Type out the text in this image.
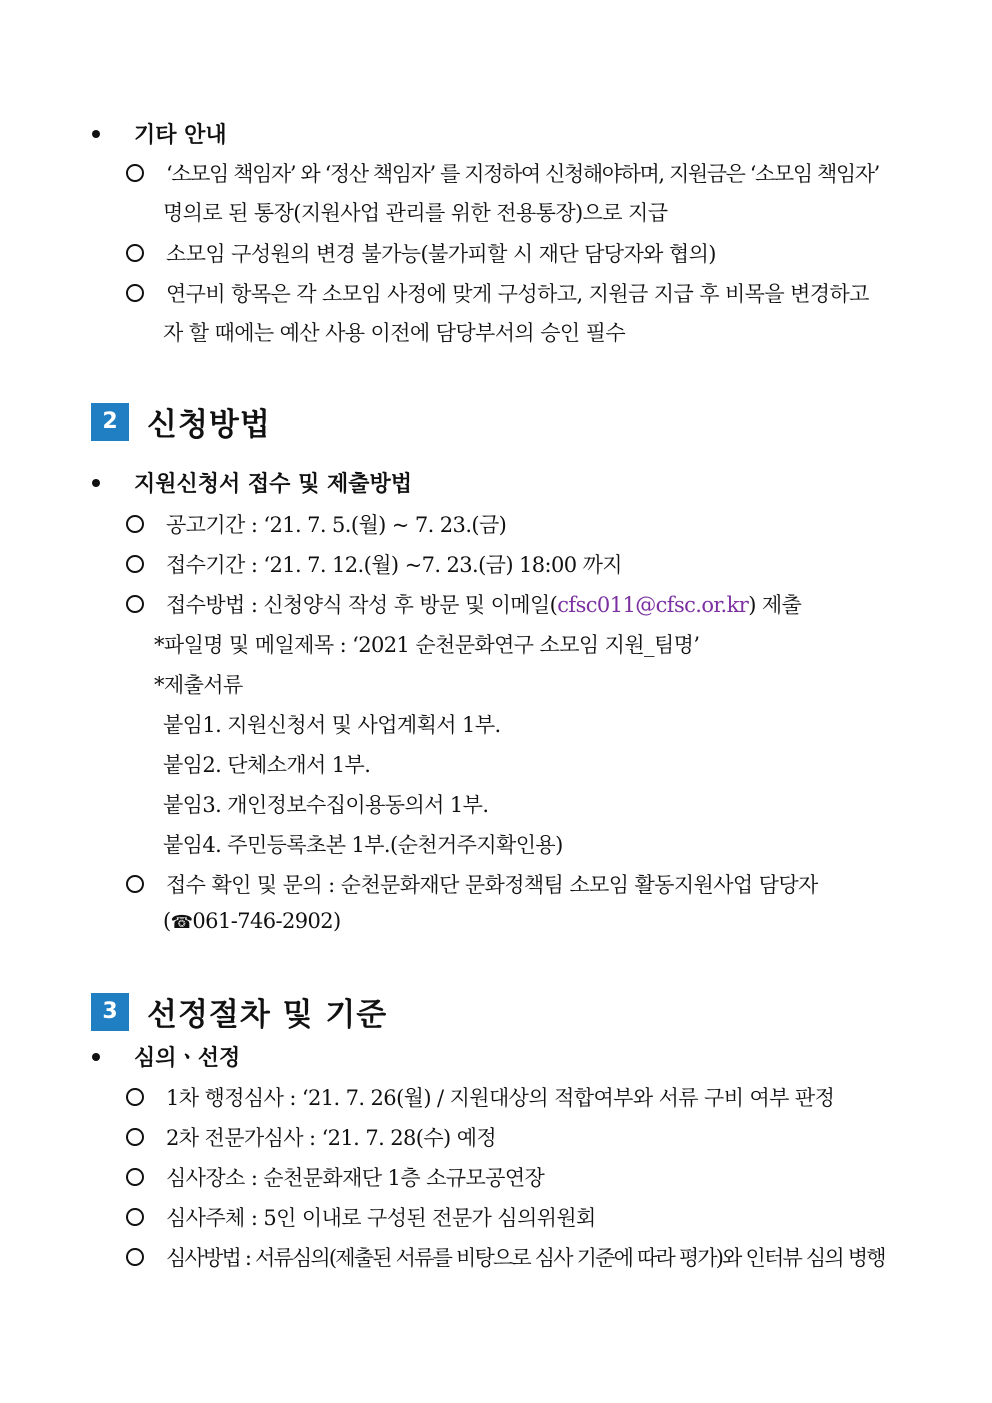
기타 안내
‘소모임 책임자’ 와 ‘정산 책임자’ 를 지정하여 신청해야하며, 지원금은 ‘소모임 책임자’
명의로 된 통장(지원사업 관리를 위한 전용통장)으로 지급
소모임 구성원의 변경 불가능(불가피할 시 재단 담당자와 협의)
연구비 항목은 각 소모임 사정에 맞게 구성하고, 지원금 지급 후 비목을 변경하고
자 할 때에는 예산 사용 이전에 담당부서의 승인 필수
2 신청방법
지원신청서 접수 및 제출방법
공고기간 : ‘21. 7. 5.(월) ~ 7. 23.(금)
접수기간 : ‘21. 7. 12.(월) ~7. 23.(금) 18:00 까지
접수방법 : 신청양식 작성 후 방문 및 이메일( cfsc011@cfsc.or.kr ) 제출
*파일명 및 메일제목 : ‘2021 순천문화연구 소모임 지원_팀명’
*제출서류
붙임1. 지원신청서 및 사업계획서 1부.
붙임2. 단체소개서 1부.
붙임3. 개인정보수집이용동의서 1부.
붙임4. 주민등록초본 1부.(순천거주지확인용)
접수 확인 및 문의 : 순천문화재단 문화정책팀 소모임 활동지원사업 담당자
(☎061-746-2902)
3 선정절차 및 기준
심의ㆍ선정
1차 행정심사 : ‘21. 7. 26(월) / 지원대상의 적합여부와 서류 구비 여부 판정
2차 전문가심사 : ‘21. 7. 28(수) 예정
심사장소 : 순천문화재단 1층 소규모공연장
심사주체 : 5인 이내로 구성된 전문가 심의위원회
심사방법 : 서류심의(제출된 서류를 비탕으로 심사 기준에 따라 평가)와 인터뷰 심의 병행
